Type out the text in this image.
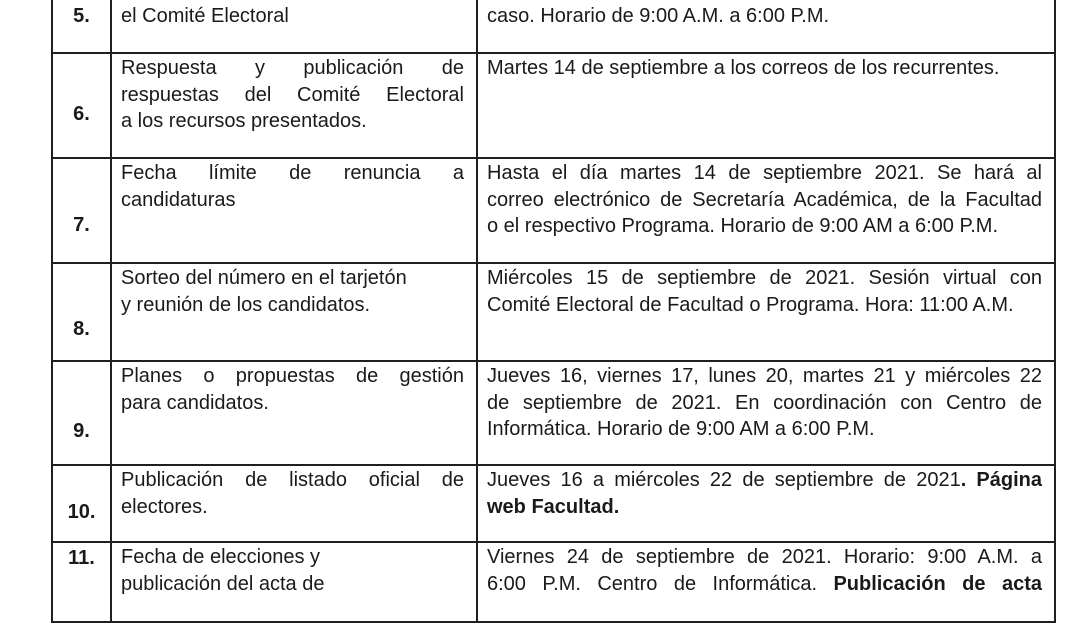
5.	el Comité Electoral	caso. Horario de 9:00 A.M. a 6:00 P.M.

6.	Respuesta y publicación de
respuestas del Comité Electoral
a los recursos presentados.	Martes 14 de septiembre a los correos de los recurrentes.

7.	Fecha límite de renuncia a
candidaturas	Hasta el día martes 14 de septiembre 2021. Se hará al
correo electrónico de Secretaría Académica, de la Facultad
o el respectivo Programa. Horario de 9:00 AM a 6:00 P.M.

8.	Sorteo del número en el tarjetón
y reunión de los candidatos.	Miércoles 15 de septiembre de 2021. Sesión virtual con
Comité Electoral de Facultad o Programa. Hora: 11:00 A.M.

9.	Planes o propuestas de gestión
para candidatos.	Jueves 16, viernes 17, lunes 20, martes 21 y miércoles 22
de septiembre de 2021. En coordinación con Centro de
Informática. Horario de 9:00 AM a 6:00 P.M.

10.	Publicación de listado oficial de
electores.	Jueves 16 a miércoles 22 de septiembre de 2021. Página
web Facultad.

11.	Fecha de elecciones y
publicación del acta de	Viernes 24 de septiembre de 2021. Horario: 9:00 A.M. a
6:00 P.M. Centro de Informática. Publicación de acta
